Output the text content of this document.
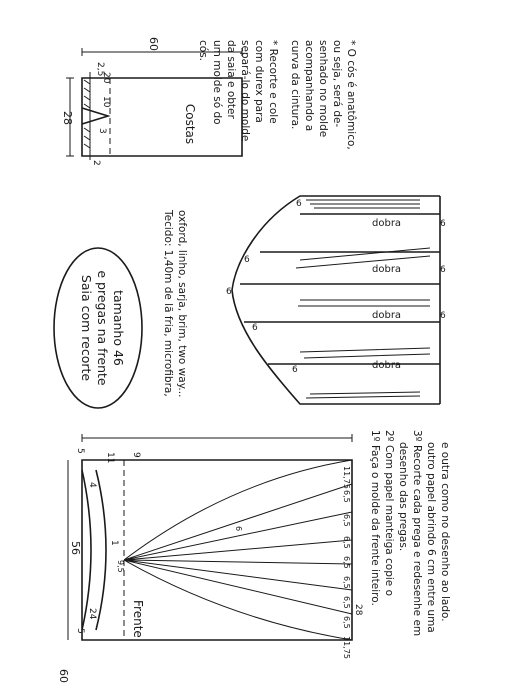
Costas
60
28
2,5
20
10
3
2
* O cós é anatômico,
ou seja, será de-
senhado no molde
acompanhando a
curva da cintura.
* Recorte e cole
com durex para
separá-lo do molde
da saia e obter
um molde só do
cós.
dobra
dobra
dobra
dobra
6
6
6
6
6
6
6
6
Saia com recorte e pregas na frente tamanho 46	Tecido: 1,40m de lã fria, microfibra, oxford, linho, sarja, brim, two way...
Frente
60
56
5
11 9
4
24
1
9,5
5
28
11,75
6,5
6,5
6,5
6,5
6
6,5
6,5
6,5
11,75
1º Faça o molde da frente inteiro. 2º Com papel manteiga copie o desenho das pregas. 3º Recorte cada prega e redesenhe em outro papel abrindo 6 cm entre uma e outra como no desenho ao lado.
